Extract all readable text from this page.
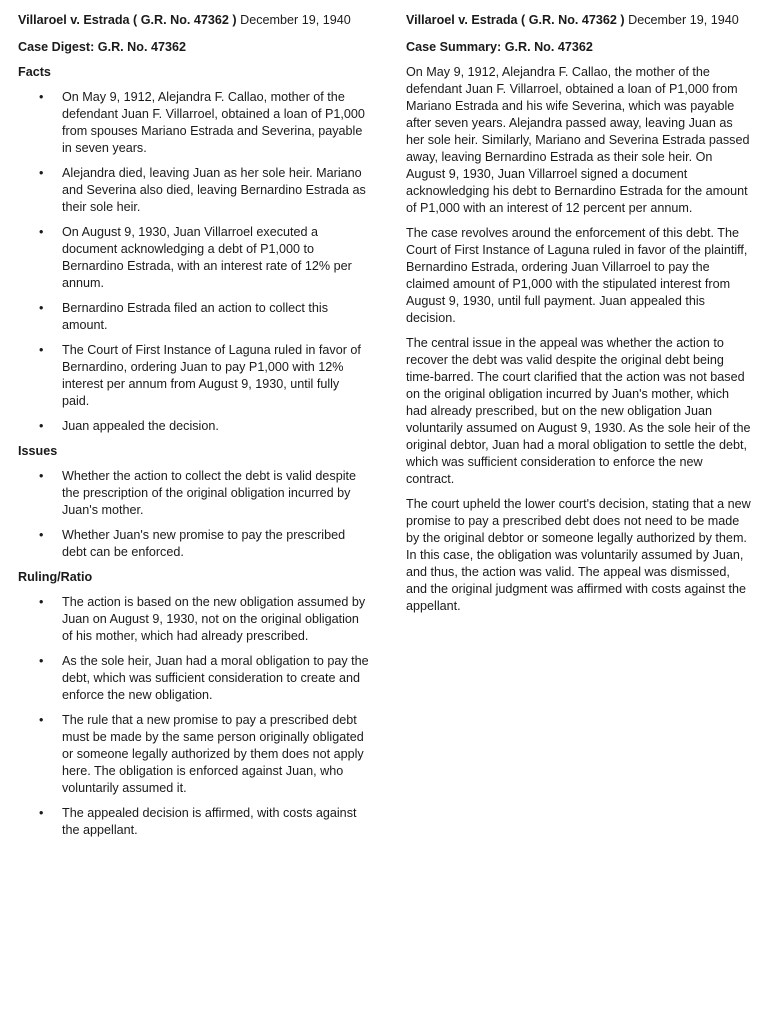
Villaroel v. Estrada ( G.R. No. 47362 ) December 19, 1940
Case Digest: G.R. No. 47362
Facts
• On May 9, 1912, Alejandra F. Callao, mother of the defendant Juan F. Villarroel, obtained a loan of P1,000 from spouses Mariano Estrada and Severina, payable in seven years.
• Alejandra died, leaving Juan as her sole heir. Mariano and Severina also died, leaving Bernardino Estrada as their sole heir.
• On August 9, 1930, Juan Villarroel executed a document acknowledging a debt of P1,000 to Bernardino Estrada, with an interest rate of 12% per annum.
• Bernardino Estrada filed an action to collect this amount.
• The Court of First Instance of Laguna ruled in favor of Bernardino, ordering Juan to pay P1,000 with 12% interest per annum from August 9, 1930, until fully paid.
• Juan appealed the decision.
Issues
• Whether the action to collect the debt is valid despite the prescription of the original obligation incurred by Juan's mother.
• Whether Juan's new promise to pay the prescribed debt can be enforced.
Ruling/Ratio
• The action is based on the new obligation assumed by Juan on August 9, 1930, not on the original obligation of his mother, which had already prescribed.
• As the sole heir, Juan had a moral obligation to pay the debt, which was sufficient consideration to create and enforce the new obligation.
• The rule that a new promise to pay a prescribed debt must be made by the same person originally obligated or someone legally authorized by them does not apply here. The obligation is enforced against Juan, who voluntarily assumed it.
• The appealed decision is affirmed, with costs against the appellant.
Villaroel v. Estrada ( G.R. No. 47362 ) December 19, 1940
Case Summary: G.R. No. 47362

On May 9, 1912, Alejandra F. Callao, the mother of the defendant Juan F. Villarroel, obtained a loan of P1,000 from Mariano Estrada and his wife Severina, which was payable after seven years. Alejandra passed away, leaving Juan as her sole heir. Similarly, Mariano and Severina Estrada passed away, leaving Bernardino Estrada as their sole heir. On August 9, 1930, Juan Villarroel signed a document acknowledging his debt to Bernardino Estrada for the amount of P1,000 with an interest of 12 percent per annum.

The case revolves around the enforcement of this debt. The Court of First Instance of Laguna ruled in favor of the plaintiff, Bernardino Estrada, ordering Juan Villarroel to pay the claimed amount of P1,000 with the stipulated interest from August 9, 1930, until full payment. Juan appealed this decision.

The central issue in the appeal was whether the action to recover the debt was valid despite the original debt being time-barred. The court clarified that the action was not based on the original obligation incurred by Juan's mother, which had already prescribed, but on the new obligation Juan voluntarily assumed on August 9, 1930. As the sole heir of the original debtor, Juan had a moral obligation to settle the debt, which was sufficient consideration to enforce the new contract.

The court upheld the lower court's decision, stating that a new promise to pay a prescribed debt does not need to be made by the original debtor or someone legally authorized by them. In this case, the obligation was voluntarily assumed by Juan, and thus, the action was valid. The appeal was dismissed, and the original judgment was affirmed with costs against the appellant.
